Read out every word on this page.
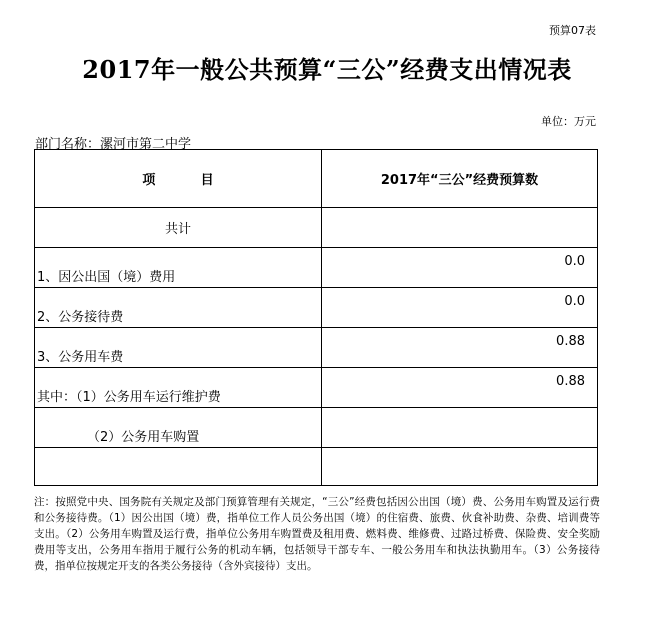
预算07表
2017年一般公共预算“三公”经费支出情况表
单位：万元
部门名称：漯河市第二中学
项          目	2017年“三公”经费预算数
共计
1、因公出国（境）费用
0.0
2、公务接待费
0.0
3、公务用车费
0.88
其中：（1）公务用车运行维护费
0.88
（2）公务用车购置
注：按照党中央、国务院有关规定及部门预算管理有关规定，“三公”经费包括因公出国（境）费、公务用车购置及运行费和公务接待费。（1）因公出国（境）费，指单位工作人员公务出国（境）的住宿费、旅费、伙食补助费、杂费、培训费等支出。（2）公务用车购置及运行费，指单位公务用车购置费及租用费、燃料费、维修费、过路过桥费、保险费、安全奖励费用等支出，公务用车指用于履行公务的机动车辆，包括领导干部专车、一般公务用车和执法执勤用车。（3）公务接待费，指单位按规定开支的各类公务接待（含外宾接待）支出。
